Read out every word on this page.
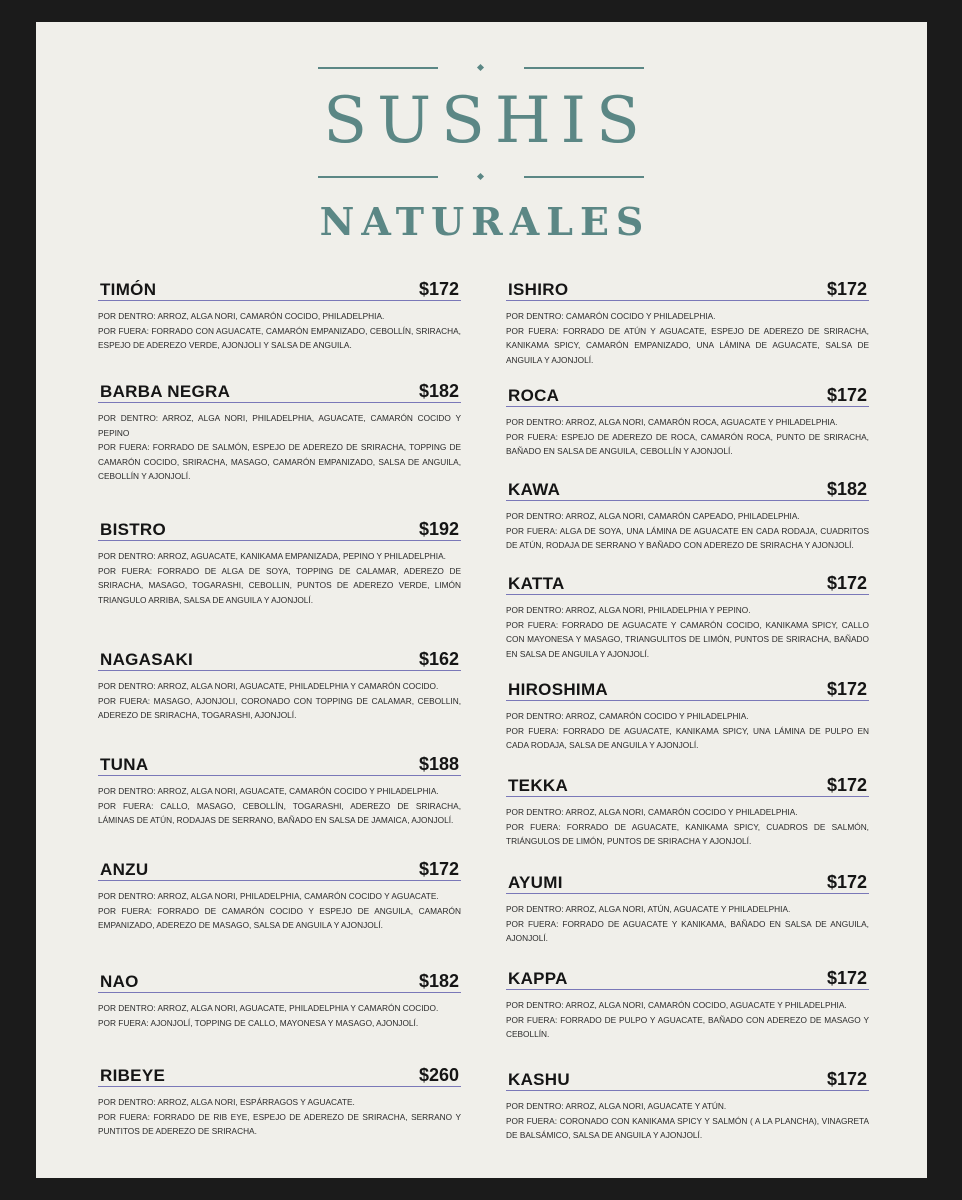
SUSHIS
NATURALES
TIMÓN	$172

POR DENTRO: ARROZ, ALGA NORI, CAMARÓN COCIDO, PHILADELPHIA.

POR FUERA: FORRADO CON AGUACATE, CAMARÓN EMPANIZADO, CEBOLLÍN, SRIRACHA, ESPEJO DE ADEREZO VERDE, AJONJOLI Y SALSA DE ANGUILA.

BARBA NEGRA	$182

POR DENTRO: ARROZ, ALGA NORI, PHILADELPHIA, AGUACATE, CAMARÓN COCIDO Y PEPINO

POR FUERA: FORRADO DE SALMÓN, ESPEJO DE ADEREZO DE SRIRACHA, TOPPING DE CAMARÓN COCIDO, SRIRACHA, MASAGO, CAMARÓN EMPANIZADO, SALSA DE ANGUILA, CEBOLLÍN Y AJONJOLÍ.

BISTRO	$192

POR DENTRO: ARROZ, AGUACATE, KANIKAMA EMPANIZADA, PEPINO Y PHILADELPHIA.

POR FUERA: FORRADO DE ALGA DE SOYA, TOPPING DE CALAMAR, ADEREZO DE SRIRACHA, MASAGO, TOGARASHI, CEBOLLIN, PUNTOS DE ADEREZO VERDE, LIMÓN TRIANGULO ARRIBA, SALSA DE ANGUILA Y AJONJOLÍ.

NAGASAKI	$162

POR DENTRO: ARROZ, ALGA NORI, AGUACATE, PHILADELPHIA Y CAMARÓN COCIDO.

POR FUERA: MASAGO, AJONJOLI, CORONADO CON TOPPING DE CALAMAR, CEBOLLIN, ADEREZO DE SRIRACHA, TOGARASHI, AJONJOLÍ.

TUNA	$188

POR DENTRO: ARROZ, ALGA NORI, AGUACATE, CAMARÓN COCIDO Y PHILADELPHIA.

POR FUERA: CALLO, MASAGO, CEBOLLÍN, TOGARASHI, ADEREZO DE SRIRACHA, LÁMINAS DE ATÚN, RODAJAS DE SERRANO, BAÑADO EN SALSA DE JAMAICA, AJONJOLÍ.

ANZU	$172

POR DENTRO: ARROZ, ALGA NORI, PHILADELPHIA, CAMARÓN COCIDO Y AGUACATE.

POR FUERA: FORRADO DE CAMARÓN COCIDO Y ESPEJO DE ANGUILA, CAMARÓN EMPANIZADO, ADEREZO DE MASAGO, SALSA DE ANGUILA Y AJONJOLÍ.

NAO	$182

POR DENTRO: ARROZ, ALGA NORI, AGUACATE, PHILADELPHIA Y CAMARÓN COCIDO.

POR FUERA: AJONJOLÍ, TOPPING DE CALLO, MAYONESA Y MASAGO, AJONJOLÍ.

RIBEYE	$260

POR DENTRO: ARROZ, ALGA NORI, ESPÁRRAGOS Y AGUACATE.

POR FUERA: FORRADO DE RIB EYE, ESPEJO DE ADEREZO DE SRIRACHA, SERRANO Y PUNTITOS DE ADEREZO DE SRIRACHA.

ISHIRO	$172

POR DENTRO: CAMARÓN COCIDO Y PHILADELPHIA.

POR FUERA: FORRADO DE ATÚN Y AGUACATE, ESPEJO DE ADEREZO DE SRIRACHA, KANIKAMA SPICY, CAMARÓN EMPANIZADO, UNA LÁMINA DE AGUACATE, SALSA DE ANGUILA Y AJONJOLÍ.

ROCA	$172

POR DENTRO: ARROZ, ALGA NORI, CAMARÓN ROCA, AGUACATE Y PHILADELPHIA.

POR FUERA: ESPEJO DE ADEREZO DE ROCA, CAMARÓN ROCA, PUNTO DE SRIRACHA, BAÑADO EN SALSA DE ANGUILA, CEBOLLÍN Y AJONJOLÍ.

KAWA	$182

POR DENTRO: ARROZ, ALGA NORI, CAMARÓN CAPEADO, PHILADELPHIA.

POR FUERA: ALGA DE SOYA, UNA LÁMINA DE AGUACATE EN CADA RODAJA, CUADRITOS DE ATÚN, RODAJA DE SERRANO Y BAÑADO CON ADEREZO DE SRIRACHA Y AJONJOLÍ.

KATTA	$172

POR DENTRO: ARROZ, ALGA NORI, PHILADELPHIA Y PEPINO.

POR FUERA: FORRADO DE AGUACATE Y CAMARÓN COCIDO, KANIKAMA SPICY, CALLO CON MAYONESA Y MASAGO, TRIANGULITOS DE LIMÓN, PUNTOS DE SRIRACHA, BAÑADO EN SALSA DE ANGUILA Y AJONJOLÍ.

HIROSHIMA	$172

POR DENTRO: ARROZ, CAMARÓN COCIDO Y PHILADELPHIA.

POR FUERA: FORRADO DE AGUACATE, KANIKAMA SPICY, UNA LÁMINA DE PULPO EN CADA RODAJA, SALSA DE ANGUILA Y AJONJOLÍ.

TEKKA	$172

POR DENTRO: ARROZ, ALGA NORI, CAMARÓN COCIDO Y PHILADELPHIA.

POR FUERA: FORRADO DE AGUACATE, KANIKAMA SPICY, CUADROS DE SALMÓN, TRIÁNGULOS DE LIMÓN, PUNTOS DE SRIRACHA Y AJONJOLÍ.

AYUMI	$172

POR DENTRO: ARROZ, ALGA NORI, ATÚN, AGUACATE Y PHILADELPHIA.

POR FUERA: FORRADO DE AGUACATE Y KANIKAMA, BAÑADO EN SALSA DE ANGUILA, AJONJOLÍ.

KAPPA	$172

POR DENTRO: ARROZ, ALGA NORI, CAMARÓN COCIDO, AGUACATE Y PHILADELPHIA.

POR FUERA: FORRADO DE PULPO Y AGUACATE, BAÑADO CON ADEREZO DE MASAGO Y CEBOLLÍN.

KASHU	$172

POR DENTRO: ARROZ, ALGA NORI, AGUACATE Y ATÚN.

POR FUERA: CORONADO CON KANIKAMA SPICY Y SALMÓN ( A LA PLANCHA), VINAGRETA DE BALSÁMICO, SALSA DE ANGUILA Y AJONJOLÍ.
